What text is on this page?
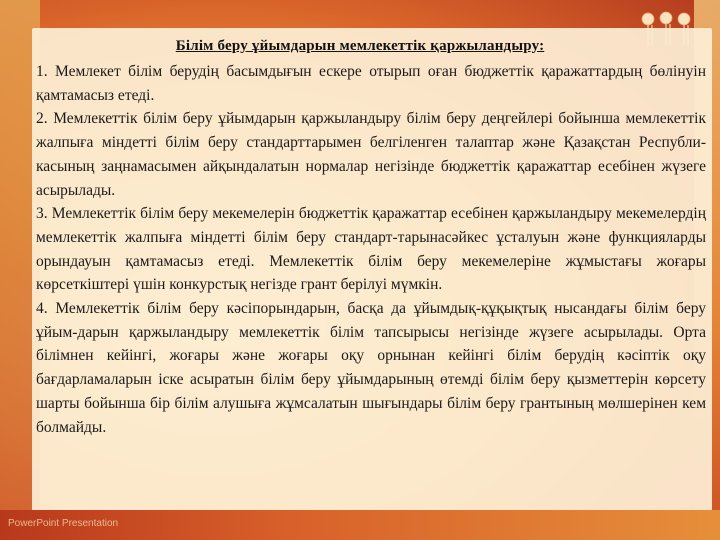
Білім беру ұйымдарын мемлекеттік қаржыландыру:

1. Мемлекет білім берудің басымдығын ескере отырып оған бюджеттік қаражаттардың бөлінуін қамтамасыз етеді.

2. Мемлекеттік білім беру ұйымдарын қаржыландыру білім беру деңгейлері бойынша мемлекеттік жалпыға міндетті білім беру стандарттарымен белгіленген талаптар және Қазақстан Республи-касының заңнамасымен айқындалатын нормалар негізінде бюджеттік қаражаттар есебінен жүзеге асырылады.

3. Мемлекеттік білім беру мекемелерін бюджеттік қаражаттар есебінен қаржыландыру мекемелердің мемлекеттік жалпыға міндетті білім беру стандарт-тарынасәйкес ұсталуын және функцияларды орындауын қамтамасыз етеді. Мемлекеттік білім беру мекемелеріне жұмыстағы жоғары көрсеткіштері үшін конкурстық негізде грант берілуі мүмкін.

4. Мемлекеттік білім беру кәсіпорындарын, басқа да ұйымдық-құқықтық нысандағы білім беру ұйым-дарын қаржыландыру мемлекеттік білім тапсырысы негізінде жүзеге асырылады. Орта білімнен кейінгі, жоғары және жоғары оқу орнынан кейінгі білім берудің кәсіптік оқу бағдарламаларын іске асыратын білім беру ұйымдарының өтемді білім беру қызметтерін көрсету шарты бойынша бір білім алушыға жұмсалатын шығындары білім беру грантының мөлшерінен кем болмайды.

PowerPoint Presentation
